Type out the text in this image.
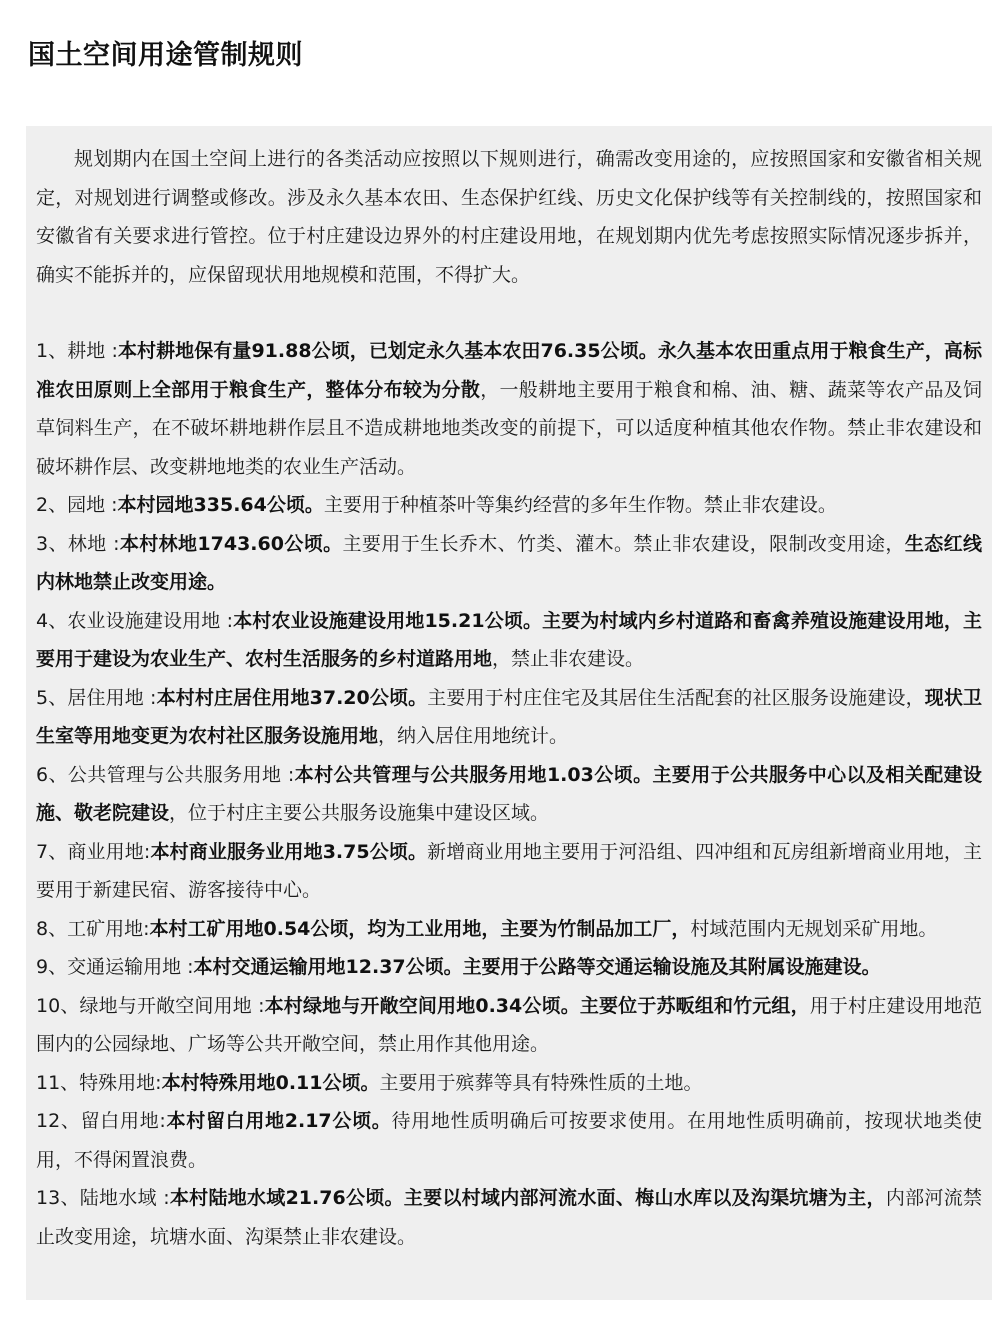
国土空间用途管制规则

规划期内在国土空间上进行的各类活动应按照以下规则进行，确需改变用途的，应按照国家和安徽省相关规定，对规划进行调整或修改。涉及永久基本农田、生态保护红线、历史文化保护线等有关控制线的，按照国家和安徽省有关要求进行管控。位于村庄建设边界外的村庄建设用地，在规划期内优先考虑按照实际情况逐步拆并，确实不能拆并的，应保留现状用地规模和范围，不得扩大。

1、耕地 :本村耕地保有量91.88公顷，已划定永久基本农田76.35公顷。永久基本农田重点用于粮食生产，高标准农田原则上全部用于粮食生产，整体分布较为分散，一般耕地主要用于粮食和棉、油、糖、蔬菜等农产品及饲草饲料生产，在不破坏耕地耕作层且不造成耕地地类改变的前提下，可以适度种植其他农作物。禁止非农建设和破坏耕作层、改变耕地地类的农业生产活动。

2、园地 :本村园地335.64公顷。主要用于种植茶叶等集约经营的多年生作物。禁止非农建设。

3、林地 :本村林地1743.60公顷。主要用于生长乔木、竹类、灌木。禁止非农建设，限制改变用途，生态红线内林地禁止改变用途。

4、农业设施建设用地 :本村农业设施建设用地15.21公顷。主要为村域内乡村道路和畜禽养殖设施建设用地，主要用于建设为农业生产、农村生活服务的乡村道路用地，禁止非农建设。

5、居住用地 :本村村庄居住用地37.20公顷。主要用于村庄住宅及其居住生活配套的社区服务设施建设，现状卫生室等用地变更为农村社区服务设施用地，纳入居住用地统计。

6、公共管理与公共服务用地 :本村公共管理与公共服务用地1.03公顷。主要用于公共服务中心以及相关配建设施、敬老院建设，位于村庄主要公共服务设施集中建设区域。

7、商业用地:本村商业服务业用地3.75公顷。新增商业用地主要用于河沿组、四冲组和瓦房组新增商业用地，主要用于新建民宿、游客接待中心。

8、工矿用地:本村工矿用地0.54公顷，均为工业用地，主要为竹制品加工厂，村域范围内无规划采矿用地。

9、交通运输用地 :本村交通运输用地12.37公顷。主要用于公路等交通运输设施及其附属设施建设。

10、绿地与开敞空间用地 :本村绿地与开敞空间用地0.34公顷。主要位于苏畈组和竹元组，用于村庄建设用地范围内的公园绿地、广场等公共开敞空间，禁止用作其他用途。

11、特殊用地:本村特殊用地0.11公顷。主要用于殡葬等具有特殊性质的土地。

12、留白用地:本村留白用地2.17公顷。待用地性质明确后可按要求使用。在用地性质明确前，按现状地类使用，不得闲置浪费。

13、陆地水域 :本村陆地水域21.76公顷。主要以村域内部河流水面、梅山水库以及沟渠坑塘为主，内部河流禁止改变用途，坑塘水面、沟渠禁止非农建设。
